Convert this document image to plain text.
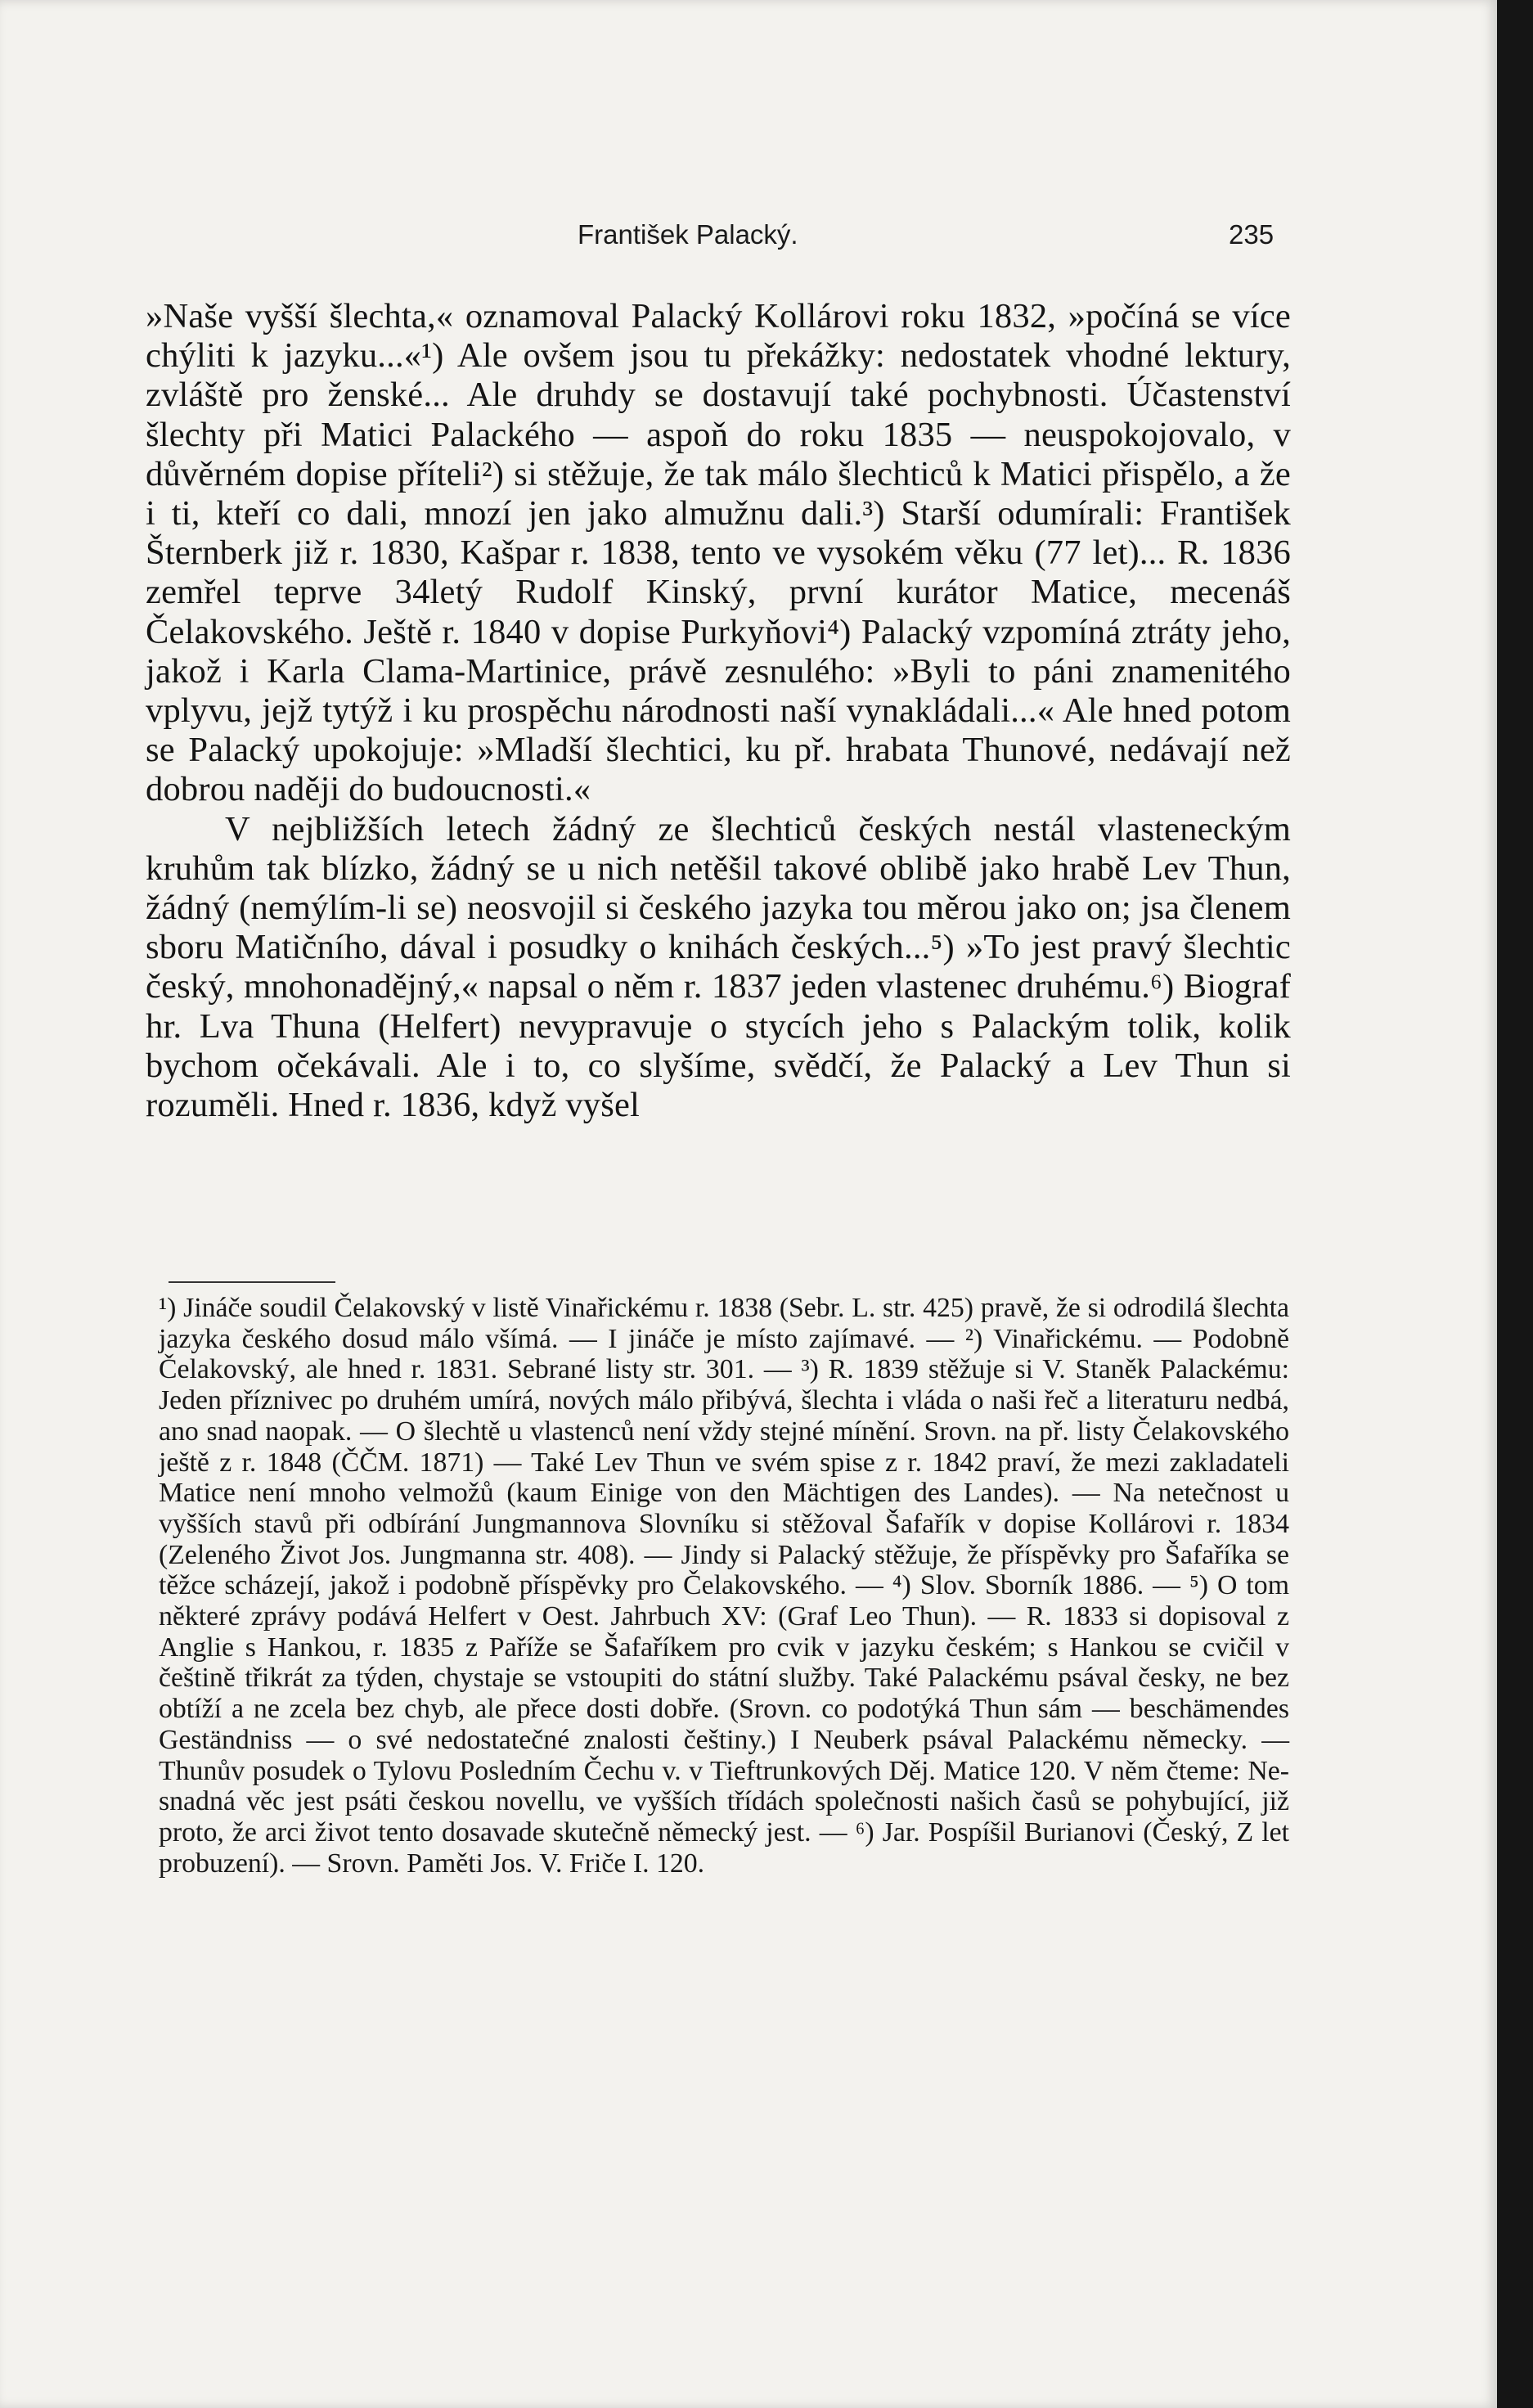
František Palacký.	235

»Naše vyšší šlechta,« oznamoval Palacký Kollárovi roku 1832, »počíná se více chýliti k jazyku...«¹) Ale ovšem jsou tu překážky: nedostatek vhodné lektury, zvláště pro ženské... Ale druhdy se dostavují také pochybnosti. Účastenství šlechty při Matici Palackého — aspoň do roku 1835 — neuspokojovalo, v důvěrném dopise příteli²) si stěžuje, že tak málo šlechticů k Matici přispělo, a že i ti, kteří co dali, mnozí jen jako almužnu dali.³) Starší odumírali: František Šternberk již r. 1830, Kašpar r. 1838, tento ve vysokém věku (77 let)... R. 1836 zemřel teprve 34letý Rudolf Kinský, první kurátor Matice, mecenáš Čelakovského. Ještě r. 1840 v dopise Purkyňovi⁴) Palacký vzpomíná ztráty jeho, jakož i Karla Clama-Martinice, právě zesnulého: »Byli to páni znamenitého vplyvu, jejž tytýž i ku prospěchu národnosti naší vynakládali...« Ale hned potom se Palacký upokojuje: »Mladší šlechtici, ku př. hrabata Thunové, nedávají než dobrou naději do budoucnosti.«

V nejbližších letech žádný ze šlechticů českých nestál vlasteneckým kruhům tak blízko, žádný se u nich netěšil takové oblibě jako hrabě Lev Thun, žádný (nemýlím-li se) neosvojil si českého jazyka tou měrou jako on; jsa členem sboru Matičního, dával i posudky o knihách českých...⁵) »To jest pravý šlechtic český, mnohonadějný,« napsal o něm r. 1837 jeden vlastenec druhému.⁶) Biograf hr. Lva Thuna (Helfert) nevypravuje o stycích jeho s Palackým tolik, kolik bychom očekávali. Ale i to, co slyšíme, svědčí, že Palacký a Lev Thun si rozuměli. Hned r. 1836, když vyšel

¹) Jináče soudil Čelakovský v listě Vinařickému r. 1838 (Sebr. L. str. 425) pravě, že si odrodilá šlechta jazyka českého dosud málo všímá. — I jináče je místo zajímavé. — ²) Vinařickému. — Podobně Čelakovský, ale hned r. 1831. Sebrané listy str. 301. — ³) R. 1839 stěžuje si V. Staněk Palackému: Jeden příznivec po druhém umírá, nových málo přibývá, šlechta i vláda o naši řeč a literaturu nedbá, ano snad naopak. — O šlechtě u vlastenců není vždy stejné mínění. Srovn. na př. listy Čelakovského ještě z r. 1848 (ČČM. 1871) — Také Lev Thun ve svém spise z r. 1842 praví, že mezi zakladateli Matice není mnoho velmožů (kaum Einige von den Mächtigen des Landes). — Na netečnost u vyšších stavů při odbírání Jungmannova Slovníku si stěžoval Šafařík v dopise Kollárovi r. 1834 (Zeleného Život Jos. Jungmanna str. 408). — Jindy si Palacký stěžuje, že příspěvky pro Šafaříka se těžce scházejí, jakož i podobně příspěvky pro Čelakovského. — ⁴) Slov. Sborník 1886. — ⁵) O tom některé zprávy podává Helfert v Oest. Jahrbuch XV: (Graf Leo Thun). — R. 1833 si dopisoval z Anglie s Hankou, r. 1835 z Paříže se Šafaříkem pro cvik v jazyku českém; s Hankou se cvičil v češtině třikrát za týden, chystaje se vstoupiti do státní služby. Také Palackému psával česky, ne bez obtíží a ne zcela bez chyb, ale přece dosti dobře. (Srovn. co podotýká Thun sám — beschämendes Geständniss — o své nedostatečné znalosti češtiny.) I Neuberk psával Palackému německy. — Thunův posudek o Tylovu Posledním Čechu v. v Tieftrunkových Děj. Matice 120. V něm čteme: Nesnadná věc jest psáti českou novellu, ve vyšších třídách společnosti našich časů se pohybující, již proto, že arci život tento dosavade skutečně německý jest. — ⁶) Jar. Pospíšil Burianovi (Český, Z let probuzení). — Srovn. Paměti Jos. V. Friče I. 120.
